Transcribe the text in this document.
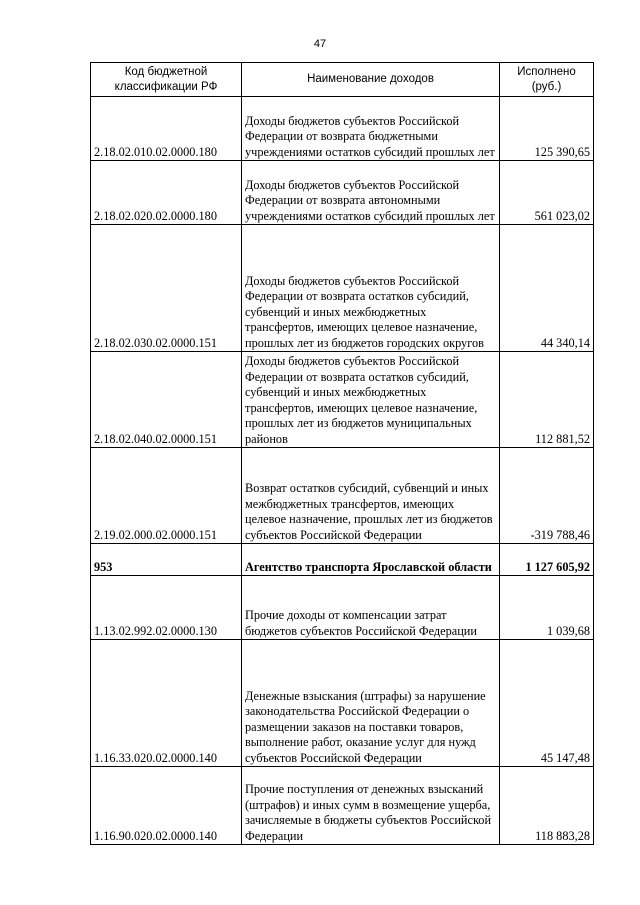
47
Код бюджетной классификации РФ	Наименование доходов	Исполнено (руб.)
2.18.02.010.02.0000.180	Доходы бюджетов субъектов Российской Федерации от возврата бюджетными учреждениями остатков субсидий прошлых лет	125 390,65
2.18.02.020.02.0000.180	Доходы бюджетов субъектов Российской Федерации от возврата автономными учреждениями остатков субсидий прошлых лет	561 023,02
2.18.02.030.02.0000.151	Доходы бюджетов субъектов Российской Федерации от возврата остатков субсидий, субвенций и иных межбюджетных трансфертов, имеющих целевое назначение, прошлых лет из бюджетов городских округов	44 340,14
2.18.02.040.02.0000.151	Доходы бюджетов субъектов Российской Федерации от возврата остатков субсидий, субвенций и иных межбюджетных трансфертов, имеющих целевое назначение, прошлых лет из бюджетов муниципальных районов	112 881,52
2.19.02.000.02.0000.151	Возврат остатков субсидий, субвенций и иных межбюджетных трансфертов, имеющих целевое назначение, прошлых лет из бюджетов субъектов Российской Федерации	-319 788,46
953	Агентство транспорта Ярославской области	1 127 605,92
1.13.02.992.02.0000.130	Прочие доходы от компенсации затрат бюджетов субъектов Российской Федерации	1 039,68
1.16.33.020.02.0000.140	Денежные взыскания (штрафы) за нарушение законодательства Российской Федерации о размещении заказов на поставки товаров, выполнение работ, оказание услуг для нужд субъектов Российской Федерации	45 147,48
1.16.90.020.02.0000.140	Прочие поступления от денежных взысканий (штрафов) и иных сумм в возмещение ущерба, зачисляемые в бюджеты субъектов Российской Федерации	118 883,28
